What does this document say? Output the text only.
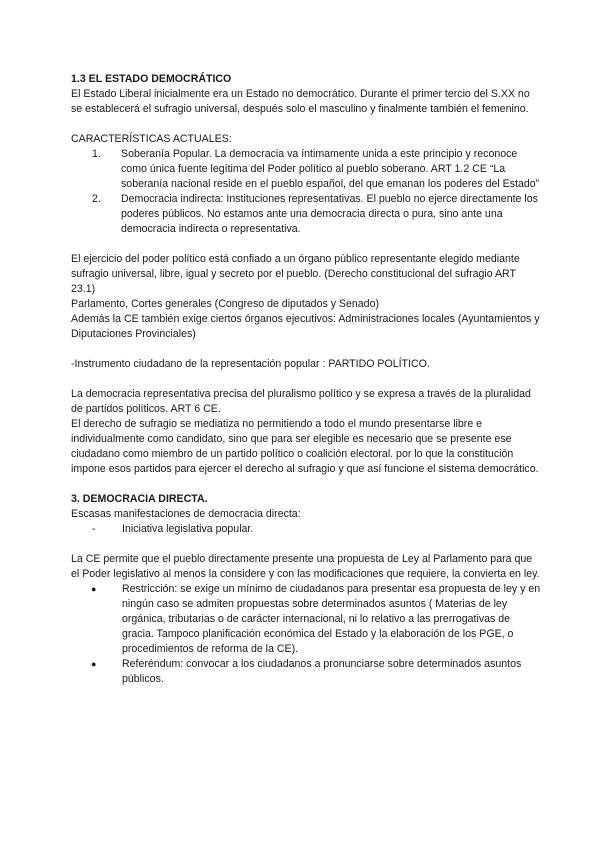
1.3 EL ESTADO DEMOCRÁTICO

El Estado Liberal inicialmente era un Estado no democrático. Durante el primer tercio del S.XX no se establecerá el sufragio universal, después solo el masculino y finalmente también el femenino.

CARACTERÍSTICAS ACTUALES:

1. Soberanía Popular. La democracia va íntimamente unida a este principio y reconoce como única fuente legítima del Poder político al pueblo soberano. ART 1.2 CE “La soberanía nacional reside en el pueblo español, del que emanan los poderes del Estado”
2. Democracia indirecta: Instituciones representativas. El pueblo no ejerce directamente los poderes públicos. No estamos ante una democracia directa o pura, sino ante una democracia indirecta o representativa.

El ejercicio del poder político está confiado a un órgano público representante elegido mediante sufragio universal, libre, igual y secreto por el pueblo. (Derecho constitucional del sufragio ART 23.1)

Parlamento, Cortes generales (Congreso de diputados y Senado)

Además la CE también exige ciertos órganos ejecutivos: Administraciones locales (Ayuntamientos y Diputaciones Provinciales)

-Instrumento ciudadano de la representación popular : PARTIDO POLÍTICO.

La democracia representativa precisa del pluralismo político y se expresa a través de la pluralidad de partidos políticos. ART 6 CE.

El derecho de sufragio se mediatiza no permitiendo a todo el mundo presentarse libre e individualmente como candidato, sino que para ser elegible es necesario que se presente ese ciudadano como miembro de un partido político o coalición electoral. por lo que la constitución impone esos partidos para ejercer el derecho al sufragio y que así funcione el sistema democrático.

3. DEMOCRACIA DIRECTA.

Escasas manifestaciones de democracia directa:

- Iniciativa legislativa popular.

La CE permite que el pueblo directamente presente una propuesta de Ley al Parlamento para que el Poder legislativo al menos la considere y con las modificaciones que requiere, la convierta en ley.

● Restricción: se exige un mínimo de ciudadanos para presentar esa propuesta de ley y en ningún caso se admiten propuestas sobre determinados asuntos ( Materias de ley orgánica, tributarias o de carácter internacional, ni lo relativo a las prerrogativas de gracia. Tampoco planificación económica del Estado y la elaboración de los PGE, o procedimientos de reforma de la CE).
● Referéndum: convocar a los ciudadanos a pronunciarse sobre determinados asuntos públicos.
